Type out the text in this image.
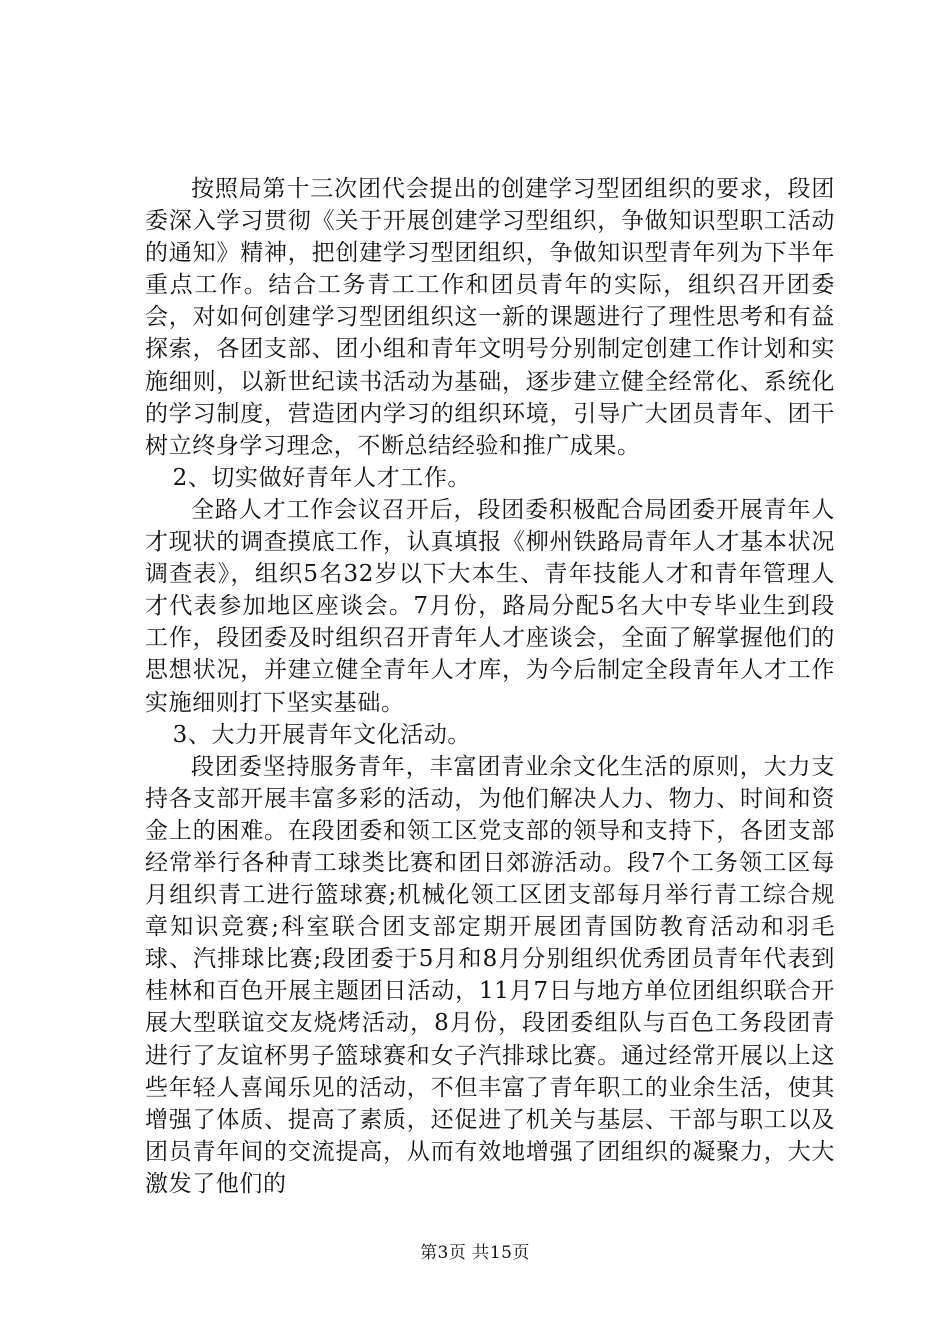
按照局第十三次团代会提出的创建学习型团组织的要求，段团委深入学习贯彻《关于开展创建学习型组织，争做知识型职工活动的通知》精神，把创建学习型团组织，争做知识型青年列为下半年重点工作。结合工务青工工作和团员青年的实际，组织召开团委会，对如何创建学习型团组织这一新的课题进行了理性思考和有益探索，各团支部、团小组和青年文明号分别制定创建工作计划和实施细则，以新世纪读书活动为基础，逐步建立健全经常化、系统化的学习制度，营造团内学习的组织环境，引导广大团员青年、团干树立终身学习理念，不断总结经验和推广成果。

2、切实做好青年人才工作。

全路人才工作会议召开后，段团委积极配合局团委开展青年人才现状的调查摸底工作，认真填报《柳州铁路局青年人才基本状况调查表》，组织5名32岁以下大本生、青年技能人才和青年管理人才代表参加地区座谈会。7月份，路局分配5名大中专毕业生到段工作，段团委及时组织召开青年人才座谈会，全面了解掌握他们的思想状况，并建立健全青年人才库，为今后制定全段青年人才工作实施细则打下坚实基础。

3、大力开展青年文化活动。

段团委坚持服务青年，丰富团青业余文化生活的原则，大力支持各支部开展丰富多彩的活动，为他们解决人力、物力、时间和资金上的困难。在段团委和领工区党支部的领导和支持下，各团支部经常举行各种青工球类比赛和团日郊游活动。段7个工务领工区每月组织青工进行篮球赛;机械化领工区团支部每月举行青工综合规章知识竞赛;科室联合团支部定期开展团青国防教育活动和羽毛球、汽排球比赛;段团委于5月和8月分别组织优秀团员青年代表到桂林和百色开展主题团日活动，11月7日与地方单位团组织联合开展大型联谊交友烧烤活动，8月份，段团委组队与百色工务段团青进行了友谊杯男子篮球赛和女子汽排球比赛。通过经常开展以上这些年轻人喜闻乐见的活动，不但丰富了青年职工的业余生活，使其增强了体质、提高了素质，还促进了机关与基层、干部与职工以及团员青年间的交流提高，从而有效地增强了团组织的凝聚力，大大激发了他们的

第3页 共15页
